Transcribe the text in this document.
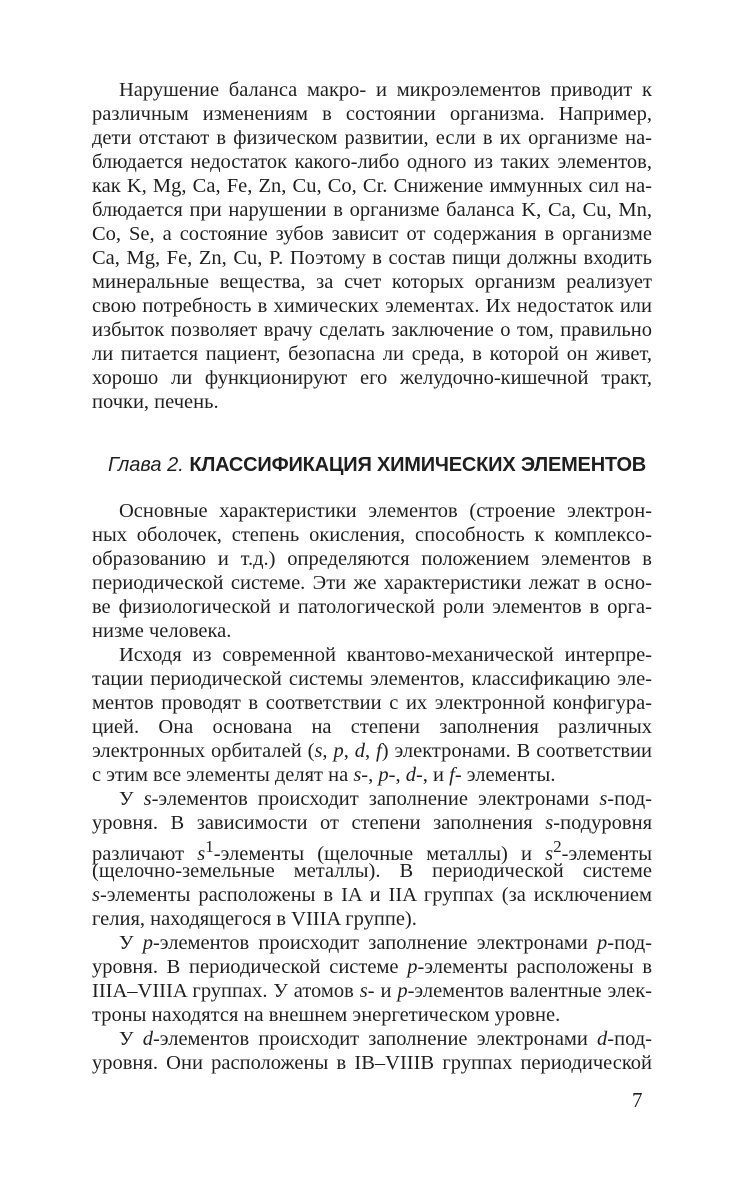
Нарушение баланса макро- и микроэлементов приводит к
различным изменениям в состоянии организма. Например,
дети отстают в физическом развитии, если в их организме на-
блюдается недостаток какого-либо одного из таких элементов,
как K, Mg, Ca, Fe, Zn, Cu, Co, Cr. Снижение иммунных сил на-
блюдается при нарушении в организме баланса K, Ca, Cu, Mn,
Co, Se, а состояние зубов зависит от содержания в организме
Ca, Mg, Fe, Zn, Cu, P. Поэтому в состав пищи должны входить
минеральные вещества, за счет которых организм реализует
свою потребность в химических элементах. Их недостаток или
избыток позволяет врачу сделать заключение о том, правильно
ли питается пациент, безопасна ли среда, в которой он живет,
хорошо ли функционируют его желудочно-кишечной тракт,
почки, печень.
Глава 2. КЛАССИФИКАЦИЯ ХИМИЧЕСКИХ ЭЛЕМЕНТОВ
Основные характеристики элементов (строение электрон-
ных оболочек, степень окисления, способность к комплексо-
образованию и т.д.) определяются положением элементов в
периодической системе. Эти же характеристики лежат в осно-
ве физиологической и патологической роли элементов в орга-
низме человека.
Исходя из современной квантово-механической интерпре-
тации периодической системы элементов, классификацию эле-
ментов проводят в соответствии с их электронной конфигура-
цией. Она основана на степени заполнения различных
электронных орбиталей (s, p, d, f) электронами. В соответствии
с этим все элементы делят на s-, p-, d-, и f- элементы.
У s-элементов происходит заполнение электронами s-под-
уровня. В зависимости от степени заполнения s-подуровня
различают $s^1$-элементы (щелочные металлы) и $s^2$-элементы
(щелочно-земельные металлы). В периодической системе
s-элементы расположены в IA и IIA группах (за исключением
гелия, находящегося в VIIIA группе).
У p-элементов происходит заполнение электронами p-под-
уровня. В периодической системе p-элементы расположены в
IIIA–VIIIA группах. У атомов s- и p-элементов валентные элек-
троны находятся на внешнем энергетическом уровне.
У d-элементов происходит заполнение электронами d-под-
уровня. Они расположены в IB–VIIIB группах периодической
7
